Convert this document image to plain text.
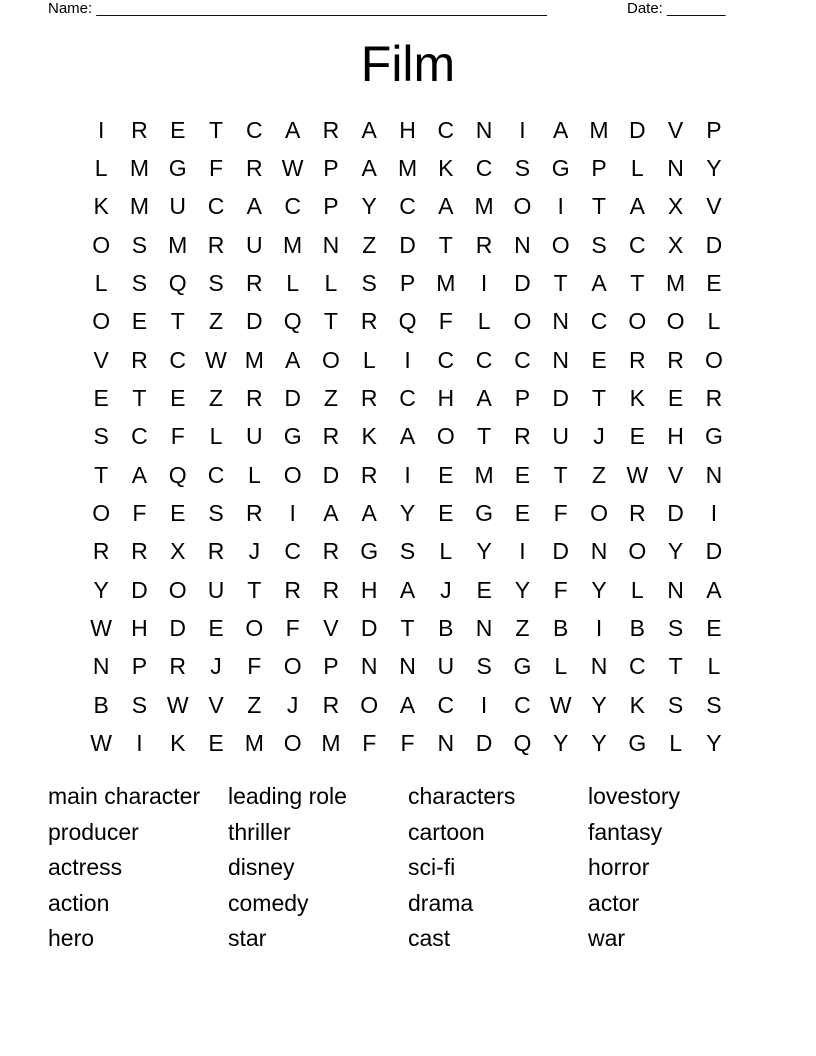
Name: ______________________________________________________	Date: _______
Film
I	R E	T C A R A H C N	I	A M D V P
L M G F R W P A M K C S G P	L	N Y
K M U C A C P Y C A M O	I	T	A X V
O S M R U M N Z D T R N O S C X D
L	S Q S R	L	L	S P M	I	D T	A	T M E
O E	T	Z D Q T R Q F	L O N C O O L
V R C W M A O L	I	C C C N E R R O
E	T	E	Z R D Z R C H A P D T	K E R
S C F	L	U G R K A O T R U	J	E H G
T	A Q C	L O D R	I	E M E	T	Z W V N
O F	E S R	I	A A Y E G E	F O R D	I
R R X R	J	C R G S	L	Y	I	D N O Y D
Y D O U T R R H A	J	E Y	F	Y	L	N A
W H D E O F	V D T	B N Z	B	I	B S E
N P R	J	F O P N N U S G L	N C T	L
B S W V	Z	J	R O A C	I	C W Y K S S
W	I	K E M O M F	F N D Q Y Y G L	Y
main character	leading role	characters	lovestory
producer	thriller	cartoon	fantasy
actress	disney	sci-fi	horror
action	comedy	drama	actor
hero	star	cast	war
